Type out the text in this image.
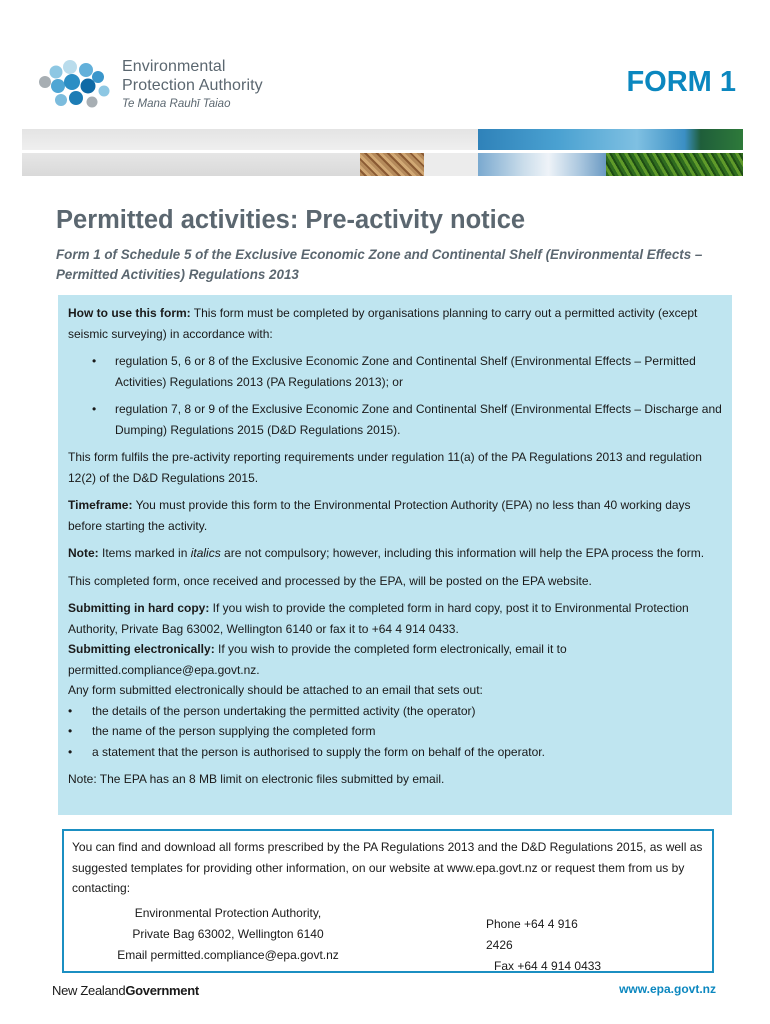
Environmental
Protection Authority
Te Mana Rauhī Taiao
FORM 1
Permitted activities: Pre-activity notice
Form 1 of Schedule 5 of the Exclusive Economic Zone and Continental Shelf (Environmental Effects – Permitted Activities) Regulations 2013

How to use this form: This form must be completed by organisations planning to carry out a permitted activity (except seismic surveying) in accordance with:

• regulation 5, 6 or 8 of the Exclusive Economic Zone and Continental Shelf (Environmental Effects – Permitted Activities) Regulations 2013 (PA Regulations 2013); or

• regulation 7, 8 or 9 of the Exclusive Economic Zone and Continental Shelf (Environmental Effects – Discharge and Dumping) Regulations 2015 (D&D Regulations 2015).

This form fulfils the pre-activity reporting requirements under regulation 11(a) of the PA Regulations 2013 and regulation 12(2) of the D&D Regulations 2015.

Timeframe: You must provide this form to the Environmental Protection Authority (EPA) no less than 40 working days before starting the activity.

Note: Items marked in italics are not compulsory; however, including this information will help the EPA process the form.

This completed form, once received and processed by the EPA, will be posted on the EPA website.

Submitting in hard copy: If you wish to provide the completed form in hard copy, post it to Environmental Protection Authority, Private Bag 63002, Wellington 6140 or fax it to +64 4 914 0433.

Submitting electronically: If you wish to provide the completed form electronically, email it to permitted.compliance@epa.govt.nz.

Any form submitted electronically should be attached to an email that sets out:

• the details of the person undertaking the permitted activity (the operator)

• the name of the person supplying the completed form

• a statement that the person is authorised to supply the form on behalf of the operator.

Note: The EPA has an 8 MB limit on electronic files submitted by email.

You can find and download all forms prescribed by the PA Regulations 2013 and the D&D Regulations 2015, as well as suggested templates for providing other information, on our website at www.epa.govt.nz or request them from us by contacting:

Environmental Protection Authority,
Private Bag 63002, Wellington 6140
Email permitted.compliance@epa.govt.nz
Phone +64 4 916 2426
Fax +64 4 914 0433
New ZealandGovernment	www.epa.govt.nz
